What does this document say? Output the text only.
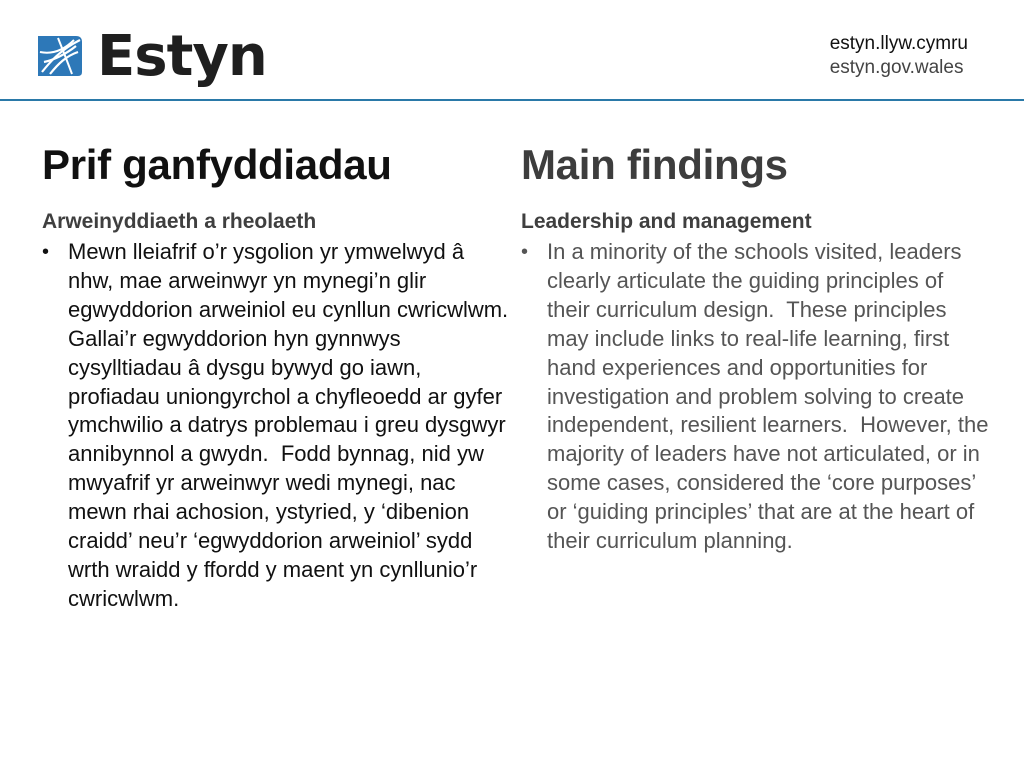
Estyn	estyn.llyw.cymru
estyn.gov.wales
Prif ganfyddiadau
Arweinyddiaeth a rheolaeth
• Mewn lleiafrif o’r ysgolion yr ymwelwyd â nhw, mae arweinwyr yn mynegi’n glir egwyddorion arweiniol eu cynllun cwricwlwm.  Gallai’r egwyddorion hyn gynnwys cysylltiadau â dysgu bywyd go iawn, profiadau uniongyrchol a chyfleoedd ar gyfer ymchwilio a datrys problemau i greu dysgwyr annibynnol a gwydn.  Fodd bynnag, nid yw mwyafrif yr arweinwyr wedi mynegi, nac mewn rhai achosion, ystyried, y ‘dibenion craidd’ neu’r ‘egwyddorion arweiniol’ sydd wrth wraidd y ffordd y maent yn cynllunio’r cwricwlwm.
Main findings
Leadership and management
• In a minority of the schools visited, leaders clearly articulate the guiding principles of their curriculum design.  These principles may include links to real-life learning, first hand experiences and opportunities for investigation and problem solving to create independent, resilient learners.  However, the majority of leaders have not articulated, or in some cases, considered the ‘core purposes’ or ‘guiding principles’ that are at the heart of their curriculum planning.
